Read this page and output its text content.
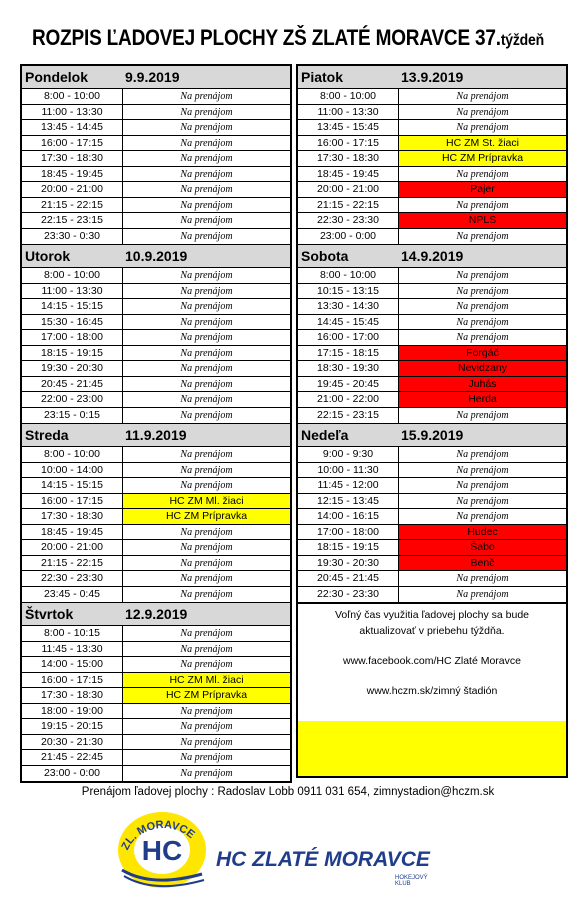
ROZPIS ĽADOVEJ PLOCHY ZŠ ZLATÉ MORAVCE 37.týždeň
Pondelok	9.9.2019
8:00 - 10:00	Na prenájom
11:00 - 13:30	Na prenájom
13:45 - 14:45	Na prenájom
16:00 - 17:15	Na prenájom
17:30 - 18:30	Na prenájom
18:45 - 19:45	Na prenájom
20:00 - 21:00	Na prenájom
21:15 - 22:15	Na prenájom
22:15 - 23:15	Na prenájom
23:30 - 0:30	Na prenájom
Utorok	10.9.2019
8:00 - 10:00	Na prenájom
11:00 - 13:30	Na prenájom
14:15 - 15:15	Na prenájom
15:30 - 16:45	Na prenájom
17:00 - 18:00	Na prenájom
18:15 - 19:15	Na prenájom
19:30 - 20:30	Na prenájom
20:45 - 21:45	Na prenájom
22:00 - 23:00	Na prenájom
23:15 - 0:15	Na prenájom
Streda	11.9.2019
8:00 - 10:00	Na prenájom
10:00 - 14:00	Na prenájom
14:15 - 15:15	Na prenájom
16:00 - 17:15	HC ZM Ml. žiaci
17:30 - 18:30	HC ZM Prípravka
18:45 - 19:45	Na prenájom
20:00 - 21:00	Na prenájom
21:15 - 22:15	Na prenájom
22:30 - 23:30	Na prenájom
23:45 - 0:45	Na prenájom
Štvrtok	12.9.2019
8:00 - 10:15	Na prenájom
11:45 - 13:30	Na prenájom
14:00 - 15:00	Na prenájom
16:00 - 17:15	HC ZM Ml. žiaci
17:30 - 18:30	HC ZM Prípravka
18:00 - 19:00	Na prenájom
19:15 - 20:15	Na prenájom
20:30 - 21:30	Na prenájom
21:45 - 22:45	Na prenájom
23:00 - 0:00	Na prenájom
Piatok	13.9.2019
8:00 - 10:00	Na prenájom
11:00 - 13:30	Na prenájom
13:45 - 15:45	Na prenájom
16:00 - 17:15	HC ZM St. žiaci
17:30 - 18:30	HC ZM Prípravka
18:45 - 19:45	Na prenájom
20:00 - 21:00	Pajer
21:15 - 22:15	Na prenájom
22:30 - 23:30	NPLS
23:00 - 0:00	Na prenájom
Sobota	14.9.2019
8:00 - 10:00	Na prenájom
10:15 - 13:15	Na prenájom
13:30 - 14:30	Na prenájom
14:45 - 15:45	Na prenájom
16:00 - 17:00	Na prenájom
17:15 - 18:15	Forgáč
18:30 - 19:30	Nevidzany
19:45 - 20:45	Juhás
21:00 - 22:00	Herda
22:15 - 23:15	Na prenájom
Nedeľa	15.9.2019
9:00 - 9:30	Na prenájom
10:00 - 11:30	Na prenájom
11:45 - 12:00	Na prenájom
12:15 - 13:45	Na prenájom
14:00 - 16:15	Na prenájom
17:00 - 18:00	Hudec
18:15 - 19:15	Šabo
19:30 - 20:30	Benč
20:45 - 21:45	Na prenájom
22:30 - 23:30	Na prenájom
Voľný čas využitia ľadovej plochy sa bude
aktualizovať v priebehu týždňa.
www.facebook.com/HC Zlaté Moravce
www.hczm.sk/zimný štadión
Prenájom ľadovej plochy : Radoslav Lobb 0911 031 654, zimnystadion@hczm.sk
ZL. MORAVCE
HC HC ZLATÉ MORAVCE
HOKEJOVÝ KLUB
